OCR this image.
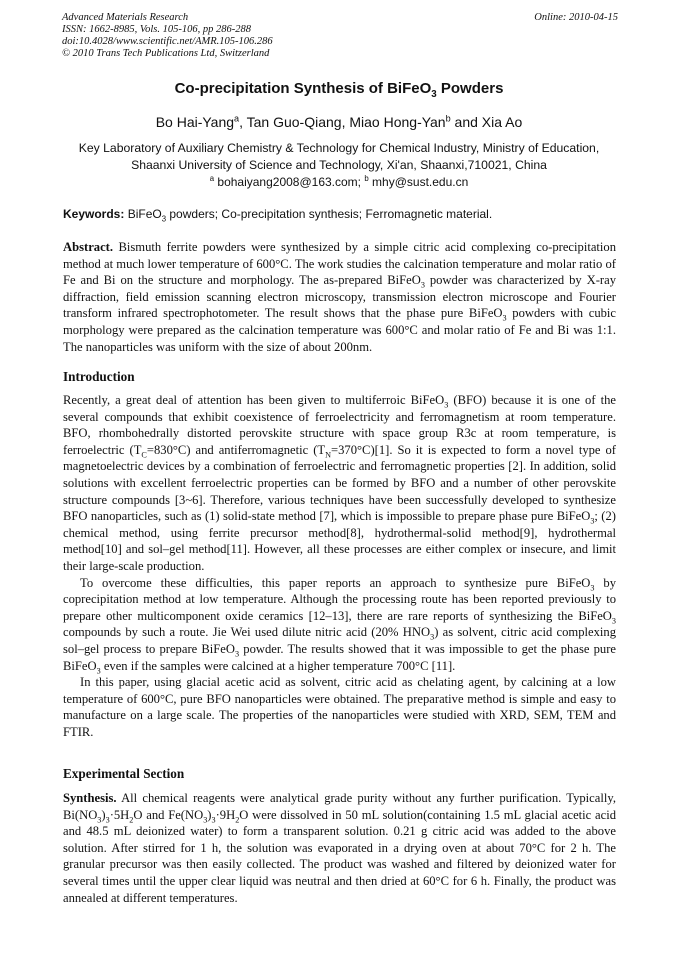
Advanced Materials Research
ISSN: 1662-8985, Vols. 105-106, pp 286-288
doi:10.4028/www.scientific.net/AMR.105-106.286
© 2010 Trans Tech Publications Ltd, Switzerland
Online: 2010-04-15
Co-precipitation Synthesis of BiFeO$_3$ Powders
Bo Hai-Yang$^a$, Tan Guo-Qiang, Miao Hong-Yan$^b$ and Xia Ao
Key Laboratory of Auxiliary Chemistry & Technology for Chemical Industry, Ministry of Education,
Shaanxi University of Science and Technology, Xi'an, Shaanxi,710021, China
$^a$ bohaiyang2008@163.com; $^b$ mhy@sust.edu.cn
Keywords: BiFeO$_3$ powders; Co-precipitation synthesis; Ferromagnetic material.

Abstract. Bismuth ferrite powders were synthesized by a simple citric acid complexing co-precipitation method at much lower temperature of 600°C. The work studies the calcination temperature and molar ratio of Fe and Bi on the structure and morphology. The as-prepared BiFeO$_3$ powder was characterized by X-ray diffraction, field emission scanning electron microscopy, transmission electron microscope and Fourier transform infrared spectrophotometer. The result shows that the phase pure BiFeO$_3$ powders with cubic morphology were prepared as the calcination temperature was 600°C and molar ratio of Fe and Bi was 1:1. The nanoparticles was uniform with the size of about 200nm.

Introduction

Recently, a great deal of attention has been given to multiferroic BiFeO$_3$ (BFO) because it is one of the several compounds that exhibit coexistence of ferroelectricity and ferromagnetism at room temperature. BFO, rhombohedrally distorted perovskite structure with space group R3c at room temperature, is ferroelectric $(T_C=830^\circ C)$ and antiferromagnetic $(T_N=370^\circ C)[1]$. So it is expected to form a novel type of magnetoelectric devices by a combination of ferroelectric and ferromagnetic properties [2]. In addition, solid solutions with excellent ferroelectric properties can be formed by BFO and a number of other perovskite structure compounds [3~6]. Therefore, various techniques have been successfully developed to synthesize BFO nanoparticles, such as (1) solid-state method [7], which is impossible to prepare phase pure BiFeO$_3$; (2) chemical method, using ferrite precursor method[8], hydrothermal-solid method[9], hydrothermal method[10] and sol–gel method[11]. However, all these processes are either complex or insecure, and limit their large-scale production.

To overcome these difficulties, this paper reports an approach to synthesize pure BiFeO$_3$ by coprecipitation method at low temperature. Although the processing route has been reported previously to prepare other multicomponent oxide ceramics [12–13], there are rare reports of synthesizing the BiFeO$_3$ compounds by such a route. Jie Wei used dilute nitric acid (20% $HNO_3$) as solvent, citric acid complexing sol–gel process to prepare BiFeO$_3$ powder. The results showed that it was impossible to get the phase pure BiFeO$_3$ even if the samples were calcined at a higher temperature 700°C [11].

In this paper, using glacial acetic acid as solvent, citric acid as chelating agent, by calcining at a low temperature of 600°C, pure BFO nanoparticles were obtained. The preparative method is simple and easy to manufacture on a large scale. The properties of the nanoparticles were studied with XRD, SEM, TEM and FTIR.

Experimental Section

Synthesis. All chemical reagents were analytical grade purity without any further purification. Typically, $Bi(NO_3)_3\cdot 5H_2O$ and $Fe(NO_3)_3\cdot 9H_2O$ were dissolved in 50 mL solution(containing 1.5 mL glacial acetic acid and 48.5 mL deionized water) to form a transparent solution. 0.21 g citric acid was added to the above solution. After stirred for 1 h, the solution was evaporated in a drying oven at about 70°C for 2 h. The granular precursor was then easily collected. The product was washed and filtered by deionized water for several times until the upper clear liquid was neutral and then dried at 60°C for 6 h. Finally, the product was annealed at different temperatures.
